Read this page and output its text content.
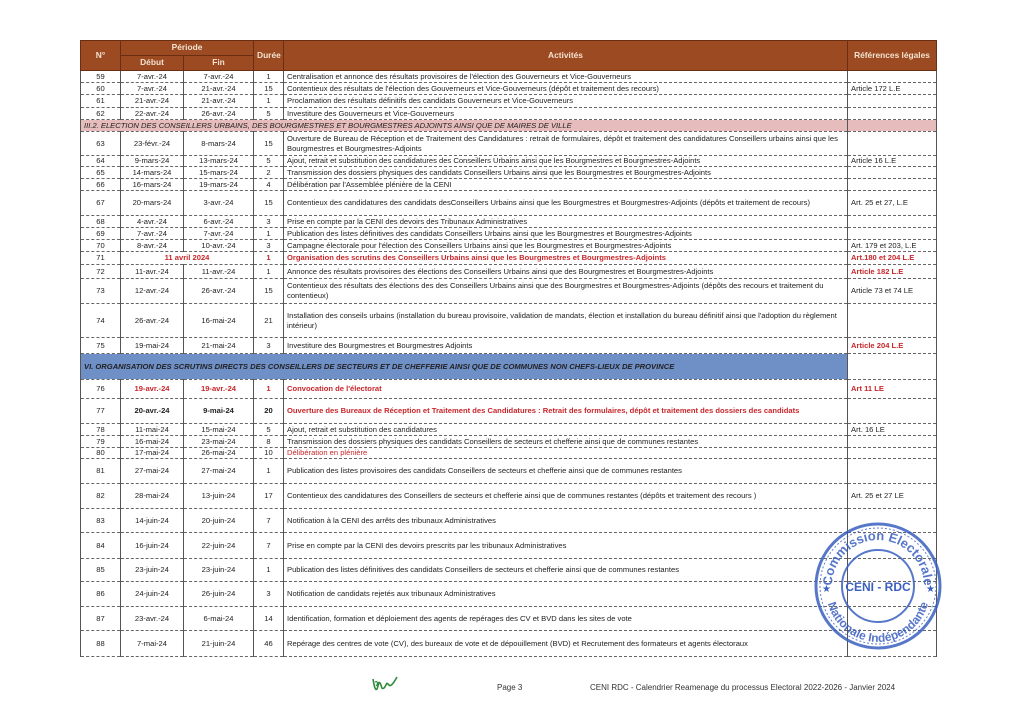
N°	Période		Durée	Activités	Références légales
	Début	Fin			
59	7-avr.-24	7-avr.-24	1	Centralisation et annonce des résultats provisoires de l'élection des Gouverneurs et Vice-Gouverneurs	
60	7-avr.-24	21-avr.-24	15	Contentieux des résultats de l'élection des Gouverneurs et Vice-Gouverneurs (dépôt et traitement des recours)	Article 172 L.E
61	21-avr.-24	21-avr.-24	1	Proclamation des résultats définitifs des candidats Gouverneurs et Vice-Gouverneurs	
62	22-avr.-24	26-avr.-24	5	Investiture des Gouverneurs et Vice-Gouverneurs	
III.2. ELECTION DES CONSEILLERS URBAINS, DES BOURGMESTRES ET BOURGMESTRES ADJOINTS AINSI QUE DE MAIRES DE VILLE					
63	23-févr.-24	8-mars-24	15	Ouverture de Bureau de Réception et de Traitement des Candidatures : retrait de formulaires, dépôt et traitement des candidatures Conseillers urbains ainsi que les Bourgmestres et Bourgmestres-Adjoints	
64	9-mars-24	13-mars-24	5	Ajout, retrait et substitution des candidatures des Conseillers Urbains ainsi que les Bourgmestres et Bourgmestres-Adjoints	Article 16 L.E
65	14-mars-24	15-mars-24	2	Transmission des dossiers physiques des candidats Conseillers Urbains ainsi que les Bourgmestres et Bourgmestres-Adjoints	
66	16-mars-24	19-mars-24	4	Délibération par l'Assemblée plénière de la CENI	
67	20-mars-24	3-avr.-24	15	Contentieux des candidatures des candidats desConseillers Urbains ainsi que les Bourgmestres et Bourgmestres-Adjoints (dépôts et traitement de recours)	Art. 25 et 27, L.E
68	4-avr.-24	6-avr.-24	3	Prise en compte par la CENI des devoirs des Tribunaux Administratives	
69	7-avr.-24	7-avr.-24	1	Publication des listes définitives des candidats Conseillers Urbains ainsi que les Bourgmestres et Bourgmestres-Adjoints	
70	8-avr.-24	10-avr.-24	3	Campagne électorale pour l'élection des Conseillers Urbains ainsi que les Bourgmestres et Bourgmestres-Adjoints	Art. 179 et 203, L.E
71	11 avril 2024		1	Organisation des scrutins des Conseillers Urbains ainsi que les Bourgmestres et Bourgmestres-Adjoints	Art.180 et 204 L.E
72	11-avr.-24	11-avr.-24	1	Annonce des résultats provisoires des élections des Conseillers Urbains ainsi que des Bourgmestres et Bourgmestres-Adjoints	Article 182 L.E
73	12-avr.-24	26-avr.-24	15	Contentieux des résultats des élections des des Conseillers Urbains ainsi que des Bourgmestres et Bourgmestres-Adjoints (dépôts des recours et traitement du contentieux)	Article 73 et 74 LE
74	26-avr.-24	16-mai-24	21	Installation des conseils urbains (installation du bureau provisoire, validation de mandats, élection et installation du bureau définitif ainsi que l'adoption du règlement intérieur)	
75	19-mai-24	21-mai-24	3	Investiture des Bourgmestres et Bourgmestres Adjoints	Article 204 L.E
VI. ORGANISATION DES SCRUTINS DIRECTS DES CONSEILLERS DE SECTEURS ET DE CHEFFERIE AINSI QUE DE COMMUNES NON CHEFS-LIEUX DE PROVINCE					
76	19-avr.-24	19-avr.-24	1	Convocation de l'électorat	Art 11 LE
77	20-avr.-24	9-mai-24	20	Ouverture des Bureaux de Réception et Traitement des Candidatures : Retrait des formulaires, dépôt et traitement des dossiers des candidats	
78	11-mai-24	15-mai-24	5	Ajout, retrait et substitution des candidatures	Art. 16 LE
79	16-mai-24	23-mai-24	8	Transmission des dossiers physiques des candidats Conseillers de secteurs et chefferie ainsi que de communes restantes	
80	17-mai-24	26-mai-24	10	Délibération en plénière	
81	27-mai-24	27-mai-24	1	Publication des listes provisoires des candidats Conseillers de secteurs et chefferie ainsi que de communes restantes	
82	28-mai-24	13-juin-24	17	Contentieux des candidatures des Conseillers de secteurs et chefferie ainsi que de communes restantes (dépôts et traitement des recours )	Art. 25 et 27 LE
83	14-juin-24	20-juin-24	7	Notification à la CENI des arrêts des tribunaux Administratives	
84	16-juin-24	22-juin-24	7	Prise en compte par la CENI des devoirs prescrits par les tribunaux Administratives	
85	23-juin-24	23-juin-24	1	Publication des listes définitives des candidats Conseillers de secteurs et chefferie ainsi que de communes restantes	
86	24-juin-24	26-juin-24	3	Notification de candidats rejetés aux tribunaux Administratives	
87	23-avr.-24	6-mai-24	14	Identification, formation et déploiement des agents de repérages des CV et BVD dans les sites de vote	
88	7-mai-24	21-juin-24	46	Repérage des centres de vote (CV), des bureaux de vote et de dépouillement (BVD) et Recrutement des formateurs et agents électoraux	
Commission Electorale
Nationale Indépendante
CENI - RDC
★	★
Page 3	CENI RDC - Calendrier Reamenage du processus Electoral 2022-2026 - Janvier 2024
